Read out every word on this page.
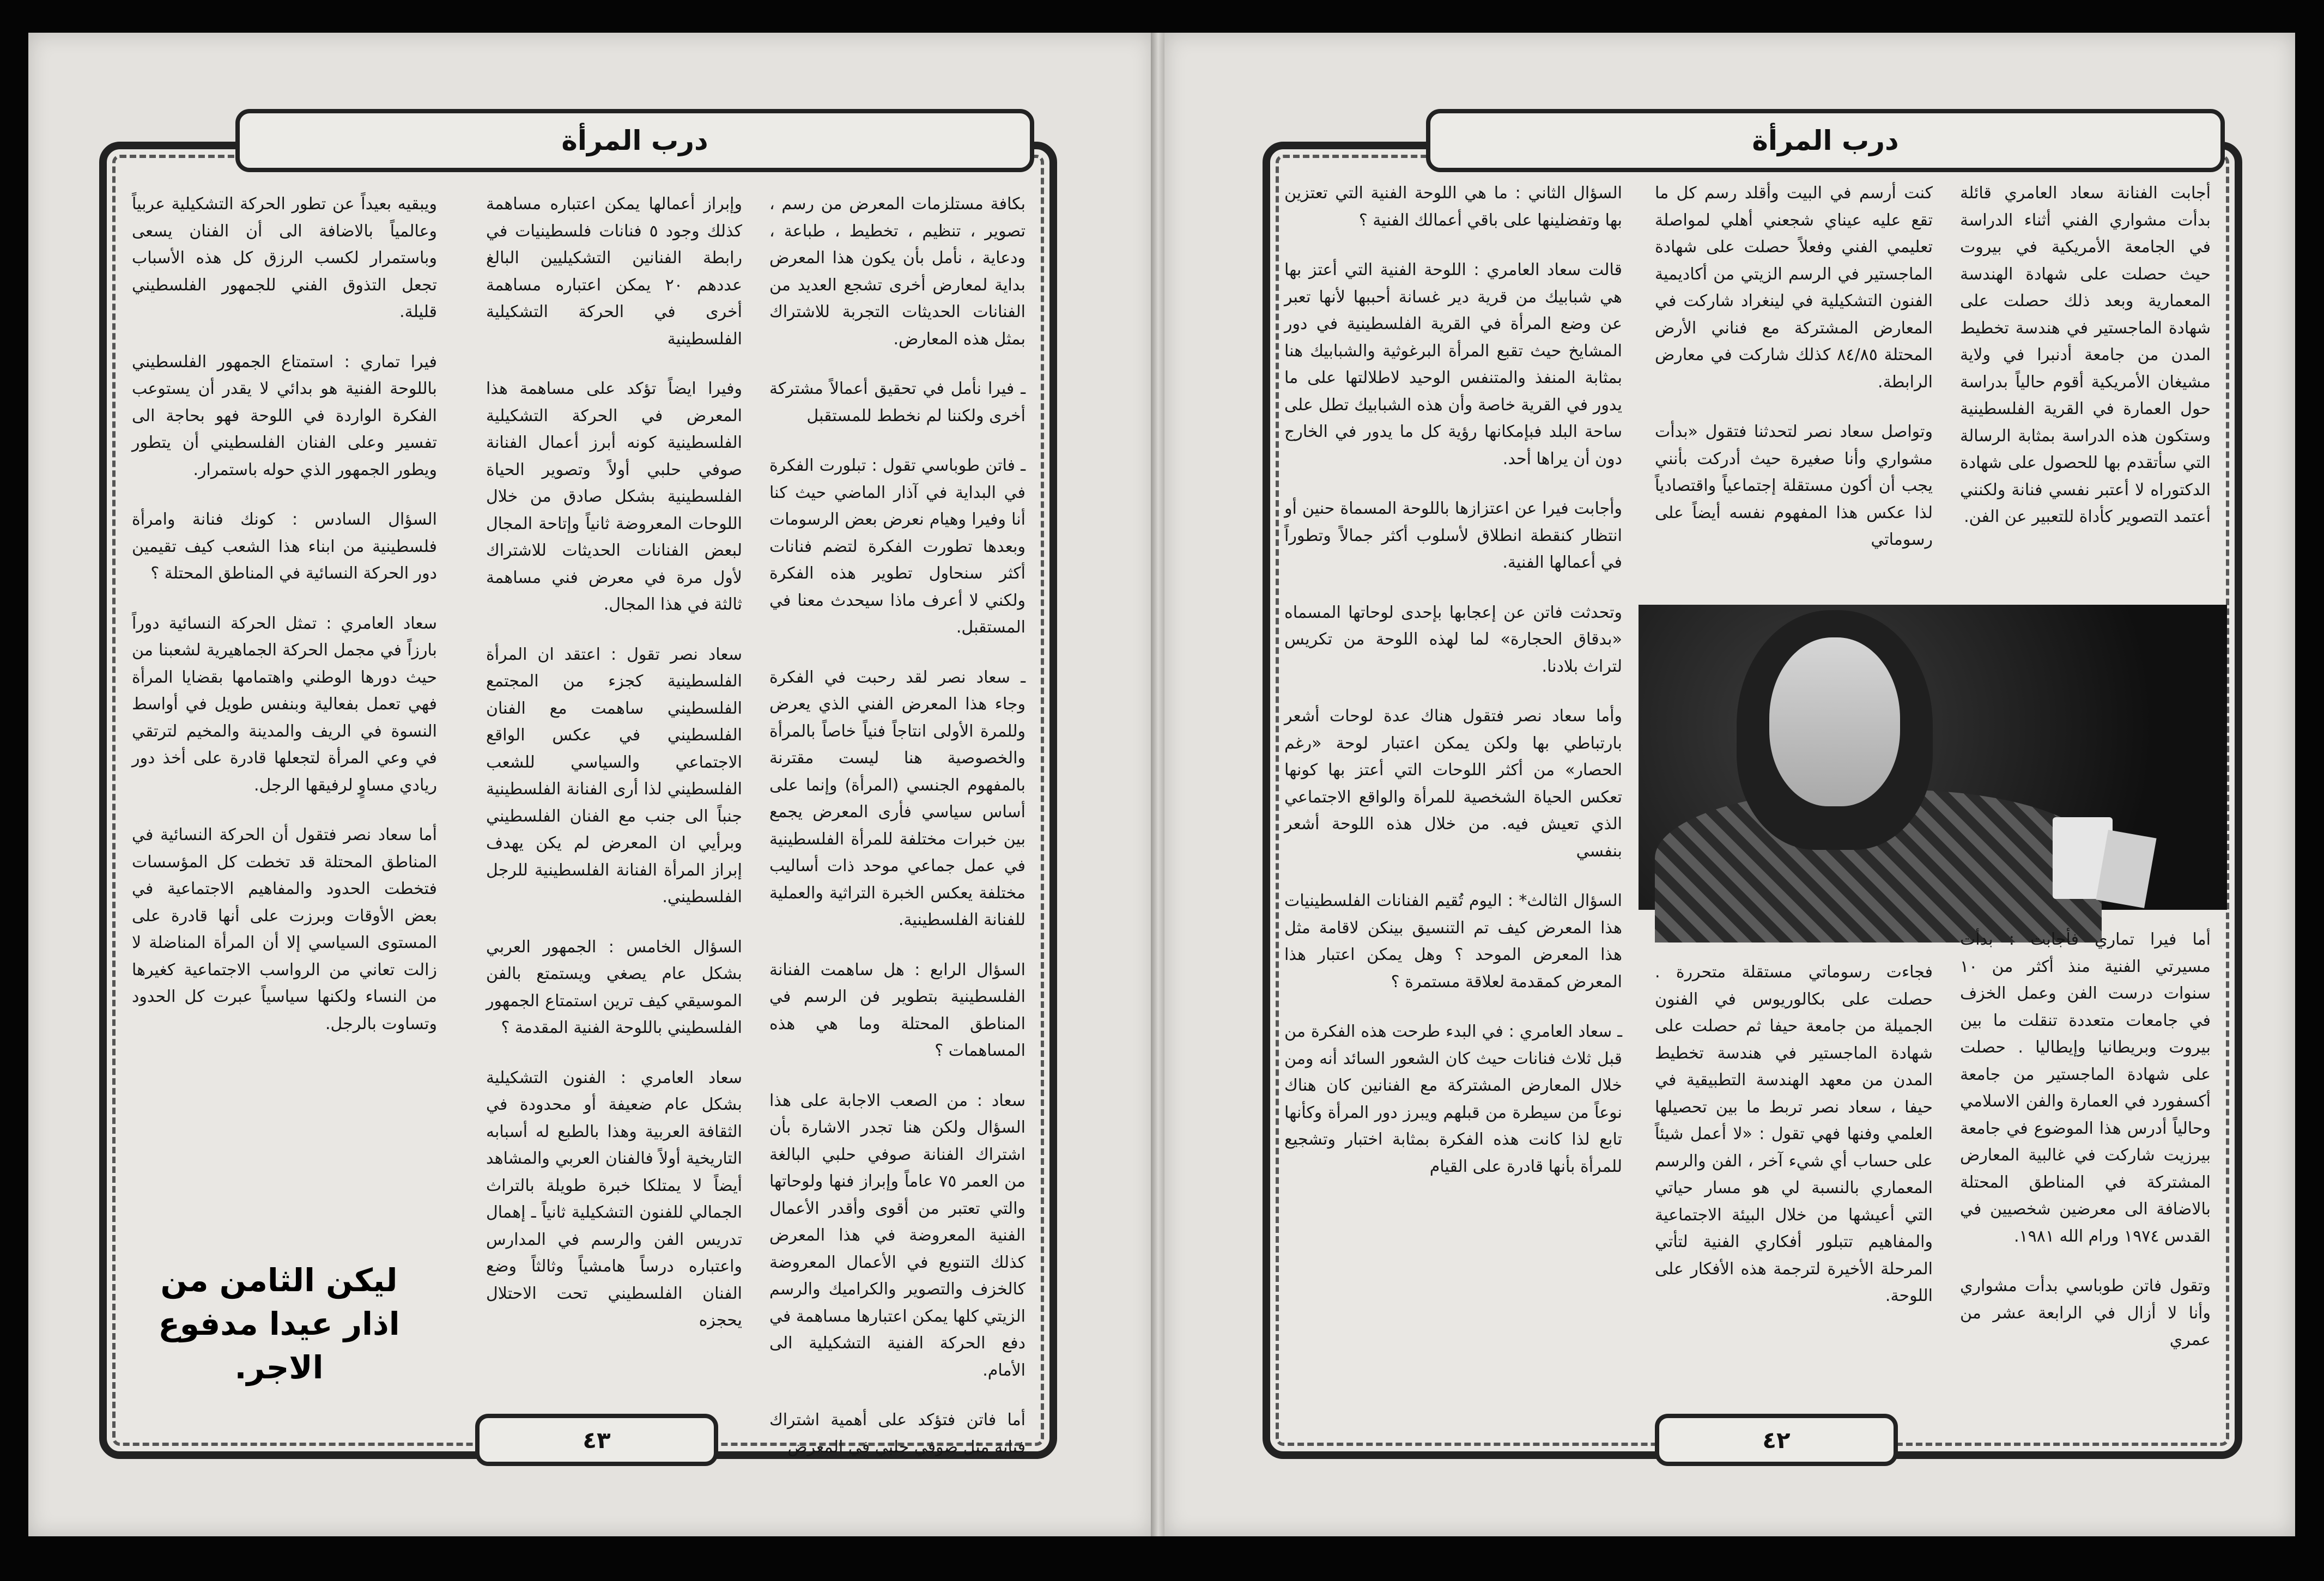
درب المرأة

بكافة مستلزمات المعرض من رسم ، تصوير ، تنظيم ، تخطيط ، طباعة ، ودعاية ، نأمل بأن يكون هذا المعرض بداية لمعارض أخرى تشجع العديد من الفنانات الحديثات التجربة للاشتراك بمثل هذه المعارض.

ـ فيرا نأمل في تحقيق أعمالاً مشتركة أخرى ولكننا لم نخطط للمستقبل

ـ فاتن طوباسي تقول : تبلورت الفكرة في البداية في آذار الماضي حيث كنا أنا وفيرا وهيام نعرض بعض الرسومات وبعدها تطورت الفكرة لتضم فنانات أكثر سنحاول تطوير هذه الفكرة ولكني لا أعرف ماذا سيحدث معنا في المستقبل.

ـ سعاد نصر لقد رحبت في الفكرة وجاء هذا المعرض الفني الذي يعرض وللمرة الأولى انتاجاً فنياً خاصاً بالمرأة والخصوصية هنا ليست مقترنة بالمفهوم الجنسي (المرأة) وإنما على أساس سياسي فأرى المعرض يجمع بين خبرات مختلفة للمرأة الفلسطينية في عمل جماعي موحد ذات أساليب مختلفة يعكس الخبرة التراثية والعملية للفنانة الفلسطينية.

السؤال الرابع : هل ساهمت الفنانة الفلسطينية بتطوير فن الرسم في المناطق المحتلة وما هي هذه المساهمات ؟

سعاد : من الصعب الاجابة على هذا السؤال ولكن هنا تجدر الاشارة بأن اشتراك الفنانة صوفي حلبي البالغة من العمر ٧٥ عاماً وإبراز فنها ولوحاتها والتي تعتبر من أقوى وأقدر الأعمال الفنية المعروضة في هذا المعرض كذلك التنويع في الأعمال المعروضة كالخزف والتصوير والكراميك والرسم الزيتي كلها يمكن اعتبارها مساهمة في دفع الحركة الفنية التشكيلية الى الأمام.

أما فاتن فتؤكد على أهمية اشتراك فنانة مثل صوفي حلبي في المعرض

وإبراز أعمالها يمكن اعتباره مساهمة كذلك وجود ٥ فنانات فلسطينيات في رابطة الفنانين التشكيليين البالغ عددهم ٢٠ يمكن اعتباره مساهمة أخرى في الحركة التشكيلية الفلسطينية

وفيرا ايضاً تؤكد على مساهمة هذا المعرض في الحركة التشكيلية الفلسطينية كونه أبرز أعمال الفنانة صوفي حلبي أولاً وتصوير الحياة الفلسطينية بشكل صادق من خلال اللوحات المعروضة ثانياً وإتاحة المجال لبعض الفنانات الحديثات للاشتراك لأول مرة في معرض فني مساهمة ثالثة في هذا المجال.

سعاد نصر تقول : اعتقد ان المرأة الفلسطينية كجزء من المجتمع الفلسطيني ساهمت مع الفنان الفلسطيني في عكس الواقع الاجتماعي والسياسي للشعب الفلسطيني لذا أرى الفنانة الفلسطينية جنباً الى جنب مع الفنان الفلسطيني وبرأيي ان المعرض لم يكن يهدف إبراز المرأة الفنانة الفلسطينية للرجل الفلسطيني.

السؤال الخامس : الجمهور العربي بشكل عام يصغي ويستمتع بالفن الموسيقي كيف ترين استمتاع الجمهور الفلسطيني باللوحة الفنية المقدمة ؟

سعاد العامري : الفنون التشكيلية بشكل عام ضعيفة أو محدودة في الثقافة العربية وهذا بالطبع له أسبابه التاريخية أولاً فالفنان العربي والمشاهد أيضاً لا يمتلكا خبرة طويلة بالتراث الجمالي للفنون التشكيلية ثانياً ـ إهمال تدريس الفن والرسم في المدارس واعتباره درساً هامشياً وثالثاً وضع الفنان الفلسطيني تحت الاحتلال يحجزه

ويبقيه بعيداً عن تطور الحركة التشكيلية عربياً وعالمياً بالاضافة الى أن الفنان يسعى وباستمرار لكسب الرزق كل هذه الأسباب تجعل التذوق الفني للجمهور الفلسطيني قليلة.

فيرا تماري : استمتاع الجمهور الفلسطيني باللوحة الفنية هو بدائي لا يقدر أن يستوعب الفكرة الواردة في اللوحة فهو بحاجة الى تفسير وعلى الفنان الفلسطيني أن يتطور ويطور الجمهور الذي حوله باستمرار.

السؤال السادس : كونك فنانة وامرأة فلسطينية من ابناء هذا الشعب كيف تقيمين دور الحركة النسائية في المناطق المحتلة ؟

سعاد العامري : تمثل الحركة النسائية دوراً بارزاً في مجمل الحركة الجماهيرية لشعبنا من حيث دورها الوطني واهتمامها بقضايا المرأة فهي تعمل بفعالية وبنفس طويل في أواسط النسوة في الريف والمدينة والمخيم لترتقي في وعي المرأة لتجعلها قادرة على أخذ دور ريادي مساوٍ لرفيقها الرجل.

أما سعاد نصر فتقول أن الحركة النسائية في المناطق المحتلة قد تخطت كل المؤسسات فتخطت الحدود والمفاهيم الاجتماعية في بعض الأوقات وبرزت على أنها قادرة على المستوى السياسي إلا أن المرأة المناضلة لا زالت تعاني من الرواسب الاجتماعية كغيرها من النساء ولكنها سياسياً عبرت كل الحدود وتساوت بالرجل.

ليكن الثامن من اذار عيدا مدفوع الاجر.
٤٣
درب المرأة

أجابت الفنانة سعاد العامري قائلة بدأت مشواري الفني أثناء الدراسة في الجامعة الأمريكية في بيروت حيث حصلت على شهادة الهندسة المعمارية وبعد ذلك حصلت على شهادة الماجستير في هندسة تخطيط المدن من جامعة أدنبرا في ولاية مشيغان الأمريكية أقوم حالياً بدراسة حول العمارة في القرية الفلسطينية وستكون هذه الدراسة بمثابة الرسالة التي سأتقدم بها للحصول على شهادة الدكتوراه لا أعتبر نفسي فنانة ولكنني أعتمد التصوير كأداة للتعبير عن الفن.

كنت أرسم في البيت وأقلد رسم كل ما تقع عليه عيناي شجعني أهلي لمواصلة تعليمي الفني وفعلاً حصلت على شهادة الماجستير في الرسم الزيتي من أكاديمية الفنون التشكيلية في لينغراد شاركت في المعارض المشتركة مع فناني الأرض المحتلة ٨٤/٨٥ كذلك شاركت في معارض الرابطة.

وتواصل سعاد نصر لتحدثنا فتقول «بدأت مشواري وأنا صغيرة حيث أدركت بأنني يجب أن أكون مستقلة إجتماعياً واقتصادياً لذا عكس هذا المفهوم نفسه أيضاً على رسوماتي

السؤال الثاني : ما هي اللوحة الفنية التي تعتزين بها وتفضلينها على باقي أعمالك الفنية ؟

قالت سعاد العامري : اللوحة الفنية التي أعتز بها هي شبابيك من قرية دير غسانة أحببها لأنها تعبر عن وضع المرأة في القرية الفلسطينية في دور المشايخ حيث تقبع المرأة البرغوثية والشبابيك هنا بمثابة المنفذ والمتنفس الوحيد لاطلالتها على ما يدور في القرية خاصة وأن هذه الشبابيك تطل على ساحة البلد فبإمكانها رؤية كل ما يدور في الخارج دون أن يراها أحد.

وأجابت فيرا عن اعتزازها باللوحة المسماة حنين أو انتظار كنقطة انطلاق لأسلوب أكثر جمالاً وتطوراً في أعمالها الفنية.

وتحدثت فاتن عن إعجابها بإحدى لوحاتها المسماه «بدقاق الحجارة» لما لهذه اللوحة من تكريس لتراث بلادنا.

وأما سعاد نصر فتقول هناك عدة لوحات أشعر بارتباطي بها ولكن يمكن اعتبار لوحة «رغم الحصار» من أكثر اللوحات التي أعتز بها كونها تعكس الحياة الشخصية للمرأة والواقع الاجتماعي الذي تعيش فيه. من خلال هذه اللوحة أشعر بنفسي

السؤال الثالث* : اليوم تُقيم الفنانات الفلسطينيات هذا المعرض كيف تم التنسيق بينكن لاقامة مثل هذا المعرض الموحد ؟ وهل يمكن اعتبار هذا المعرض كمقدمة لعلاقة مستمرة ؟

ـ سعاد العامري : في البدء طرحت هذه الفكرة من قبل ثلاث فنانات حيث كان الشعور السائد أنه ومن خلال المعارض المشتركة مع الفنانين كان هناك نوعاً من سيطرة من قبلهم ويبرز دور المرأة وكأنها تابع لذا كانت هذه الفكرة بمثابة اختبار وتشجيع للمرأة بأنها قادرة على القيام

أما فيرا تماري فأجابت : بدأت مسيرتي الفنية منذ أكثر من ١٠ سنوات درست الفن وعمل الخزف في جامعات متعددة تنقلت ما بين بيروت وبريطانيا وإيطاليا . حصلت على شهادة الماجستير من جامعة أكسفورد في العمارة والفن الاسلامي وحالياً أدرس هذا الموضوع في جامعة بيرزيت شاركت في غالبية المعارض المشتركة في المناطق المحتلة بالاضافة الى معرضين شخصيين في القدس ١٩٧٤ ورام الله ١٩٨١.

وتقول فاتن طوباسي بدأت مشواري وأنا لا أزال في الرابعة عشر من عمري

فجاءت رسوماتي مستقلة متحررة . حصلت على بكالوريوس في الفنون الجميلة من جامعة حيفا ثم حصلت على شهادة الماجستير في هندسة تخطيط المدن من معهد الهندسة التطبيقية في حيفا ، سعاد نصر تربط ما بين تحصيلها العلمي وفنها فهي تقول : «لا أعمل شيئاً على حساب أي شيء آخر ، الفن والرسم المعماري بالنسبة لي هو مسار حياتي التي أعيشها من خلال البيئة الاجتماعية والمفاهيم تتبلور أفكاري الفنية لتأتي المرحلة الأخيرة لترجمة هذه الأفكار على اللوحة.

٤٢
